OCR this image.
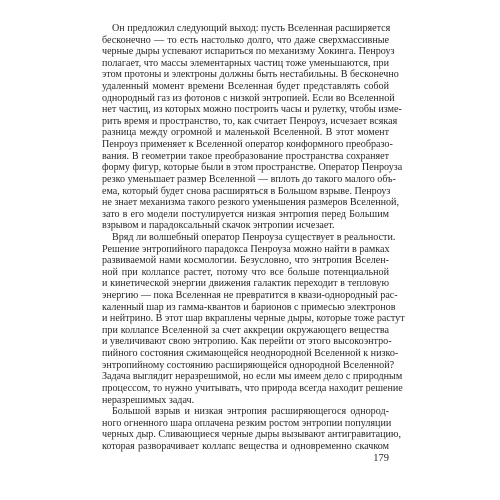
Он предложил следующий выход: пусть Вселенная расширяется
бесконечно — то есть настолько долго, что даже сверхмассивные
черные дыры успевают испариться по механизму Хокинга. Пенроуз
полагает, что массы элементарных частиц тоже уменьшаются, при
этом протоны и электроны должны быть нестабильны. В бесконечно
удаленный момент времени Вселенная будет представлять собой
однородный газ из фотонов с низкой энтропией. Если во Вселенной
нет частиц, из которых можно построить часы и рулетку, чтобы изме-
рить время и пространство, то, как считает Пенроуз, исчезает всякая
разница между огромной и маленькой Вселенной. В этот момент
Пенроуз применяет к Вселенной оператор конформного преобразо-
вания. В геометрии такое преобразование пространства сохраняет
форму фигур, которые были в этом пространстве. Оператор Пенроуза
резко уменьшает размер Вселенной — вплоть до такого малого объ-
ема, который будет снова расширяться в Большом взрыве. Пенроуз
не знает механизма такого резкого уменьшения размеров Вселенной,
зато в его модели постулируется низкая энтропия перед Большим
взрывом и парадоксальный скачок энтропии исчезает.
Вряд ли волшебный оператор Пенроуза существует в реальности.
Решение энтропийного парадокса Пенроуза можно найти в рамках
развиваемой нами космологии. Безусловно, что энтропия Вселен-
ной при коллапсе растет, потому что все больше потенциальной
и кинетической энергии движения галактик переходит в тепловую
энергию — пока Вселенная не превратится в квази-однородный рас-
каленный шар из гамма-квантов и барионов с примесью электронов
и нейтрино. В этот шар вкраплены черные дыры, которые тоже растут
при коллапсе Вселенной за счет аккреции окружающего вещества
и увеличивают свою энтропию. Как перейти от этого высокоэнтро-
пийного состояния сжимающейся неоднородной Вселенной к низко-
энтропийному состоянию расширяющейся однородной Вселенной?
Задача выглядит неразрешимой, но если мы имеем дело с природным
процессом, то нужно учитывать, что природа всегда находит решение
неразрешимых задач.
Большой взрыв и низкая энтропия расширяющегося однород-
ного огненного шара оплачена резким ростом энтропии популяции
черных дыр. Сливающиеся черные дыры вызывают антигравитацию,
которая разворачивает коллапс вещества и одновременно скачком
179
